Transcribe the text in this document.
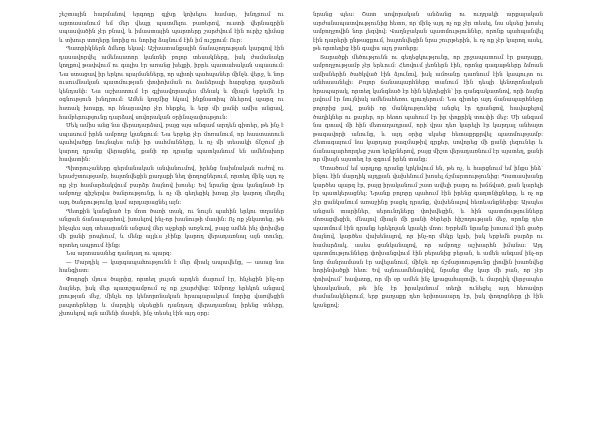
շեշտային հարմանով երգողը գլխը կոխելու համար, խնդրում ու արտասանում եմ մեր վեպը պատմելու բառերով, ուստի վերնագրին սպասվածին չէր բնավ, և իմաստային պարտերը շարժվում էին ուրիշ դիմաց և տխուր տողերը նորից ու նորից ձայնում էին իմ ուշքում։ Ուր։

Պատրիկներն ձմեռը եկավ։ Աշխատանքային ճանաչողության կարգով էին դասավորվել ամենաստոր կանոնի բոլոր տեսակները, իսկ ժամանակը կողքով թափվում ու գալիս էր առանց խելքի, իբրև պատահական սպասում։ Նա ստացավ իր երկու պայմանները, որ պիտի պահպաներ մինչև վերջ, և նոր ուսումնական պատմության փոփոխման ու ձանձրալի հարցերը դարձան կենդանի։ Նա աշխատում էր գլխավորապես մենակ և միայն երբեմն էր օգնություն խնդրում։ Ամեն կողմից եկավ ինքնատիպ ձևերով պարզ ու հստակ խոսքը, որ հնարավոր չէր հերքել, և երբ մի քանի ամիս անցավ, համբերությունը դարձավ սովորական օրինաչափություն։

Մեկ ամիս անց նա վերադարձավ, բայց այս անգամ արդեն գիտեր, թե ինչ է սպասում իրեն ամբողջ կյանքում։ Նա երբեք չէր մոռանում, որ հաստատուն պահվածքը նույնպես ունի իր սահմանները, և ոչ մի տեսակի ճնշում չի կարող դրանք վերացնել, քանի որ դրանք պատկանում են ամենախոր հավատին։

Պիտրուչաները գերմանական անվանումով, իրենց նախնական ուժով ու երաժշտությամբ, հայտնվեցին քաղաքի նեղ փողոցներում, որտեղ մինչ այդ ոչ ոք չէր համարձակվում բարձր ձայնով խոսել։ Եվ նրանց վրա կանգնած էր ամբողջ գիշերվա ծանրությունը, և ոչ մի գեղեցիկ խոսք չէր կարող մեղմել այդ ծանրությունը կամ արդարացնել այն։

Պետքին կանգնած էր մոտ ծառի տակ, ու նույն պահին երկու տղաներ անցան ճանապարհով, խոսելով ինչ-որ խանութի մասին։ Ոչ ոք չնկատեց, թե ինչպես այդ տեսարանն անցավ մեր աչքերի առջևով, բայց ամեն ինչ փոխվեց մի քանի րոպեում, և մենք այլևս չէինք կարող վերադառնալ այն տունը, որտեղ ապրում էինք։

Նա արտասանեց դանդաղ ու պարզ։

— Մարդիկ — կարգապահությունն է մեր միակ ապավենը, — ասաց նա հանգիստ։

Փողոցի մյուս ծայրից, որտեղ լույսն արդեն մարում էր, հնչեցին ինչ-որ ձայներ, իսկ մեր պատշգամբում ոչ ոք չշարժվեց։ Ամբողջ երեկոն անցավ լռության մեջ, մինչև որ կենտրոնական հրապարակում նորից վառվեցին լապտերները և մարդիկ սկսեցին դանդաղ վերադառնալ իրենց տները, չխոսելով այն ամենի մասին, ինչ տեսել էին այդ օրը։

նրանց պես։ Շատ սովորական անձանց ու ուղղակի արքայական արժանապատվությունից հետո, որ մինչ այդ ոչ ոք չէր տեսել, նա սկսեց խոսել ամբողջովին նոր լեզվով։ Վաղնջական պատմություններ, որոնք պահպանվել էին դարերի ընթացքում, հայտնվեցին նրա շուրթերին, և ոչ ոք չէր կարող ասել, թե որտեղից էին գալիս այդ բառերը։

Տարածքի մեծությունն ու գեղեցկությունը, որ շրջապատում էր քաղաքը, ամբողջությամբ չէր երևում։ Հեռվում լեռներն էին, որոնց գագաթները ձմռան ամիսներին ծածկված էին ձյունով, իսկ ամռանը դառնում էին կապույտ ու անհասանելի։ Բոլոր ճանապարհները տանում էին դեպի կենտրոնական հրապարակ, որտեղ կանգնած էր հին եկեղեցին՝ իր զանգակատնով, որի ձայնը լսվում էր նույնիսկ ամենահեռու գյուղերում։ Նա գիտեր այդ ճանապարհները բոլորից լավ, քանի որ մանկությունից անցել էր դրանցով, հավաքելով ծաղիկներ ու քարեր, որ հետո պահում էր իր փոքրիկ տուփի մեջ։ Մի անգամ նա գտավ մի հին մետաղադրամ, որի վրա դեռ կարելի էր կարդալ անհայտ թագավորի անունը, և այդ օրից սկսեց հետաքրքրվել պատմությամբ։ Հետագայում նա կարդաց բազմաթիվ գրքեր, սովորեց մի քանի լեզուներ և ճանապարհորդեց շատ երկրներով, բայց միշտ վերադառնում էր այստեղ, քանի որ միայն այստեղ էր զգում իրեն տանը։

Մտածում եմ արդյոք դրանք կրկնվում են, թե ոչ, և հարցնում եմ ինքս ինձ՝ ինչու էին մարդիկ այդքան վախենում խոսել ճշմարտությունից։ Պատասխանը կարծես պարզ էր, բայց իրականում շատ ավելի բարդ ու խճճված, քան կարելի էր պատկերացնել։ Նրանք բոլորը պահում էին իրենց գաղտնիքները, և ոչ ոք չէր ցանկանում առաջինը բացել դրանք, վախենալով հետևանքներից։ Այսպես անցան տարիներ, սերունդները փոխվեցին, և հին պատմությունները մոռացվեցին, մնալով միայն մի քանի ծերերի հիշողության մեջ, որոնք դեռ պատմում էին դրանք երեկոյան կրակի մոտ։ Երբեմն նրանք խոսում էին ցածր ձայնով, կարծես վախենալով, որ ինչ-որ մեկը կլսի, իսկ երբեմն բարձր ու համարձակ, ասես ցանկանալով, որ ամբողջ աշխարհն իմանա։ Այդ պատմությունները փոխանցվում էին բերանից բերան, և ամեն անգամ ինչ-որ նոր մանրամասն էր ավելանում, մինչև որ ճշմարտությունը լիովին խառնվեց հորինվածքի հետ։ Եվ այնուամենայնիվ, նրանց մեջ կար մի բան, որ չէր փոխվում՝ հավատը, որ մի օր ամեն ինչ կբացահայտվի, և մարդիկ վերջապես կհասկանան, թե ինչ էր իրականում տեղի ունեցել այդ հեռավոր ժամանակներում, երբ քաղաքը դեռ երիտասարդ էր, իսկ փողոցները լի էին կյանքով։
